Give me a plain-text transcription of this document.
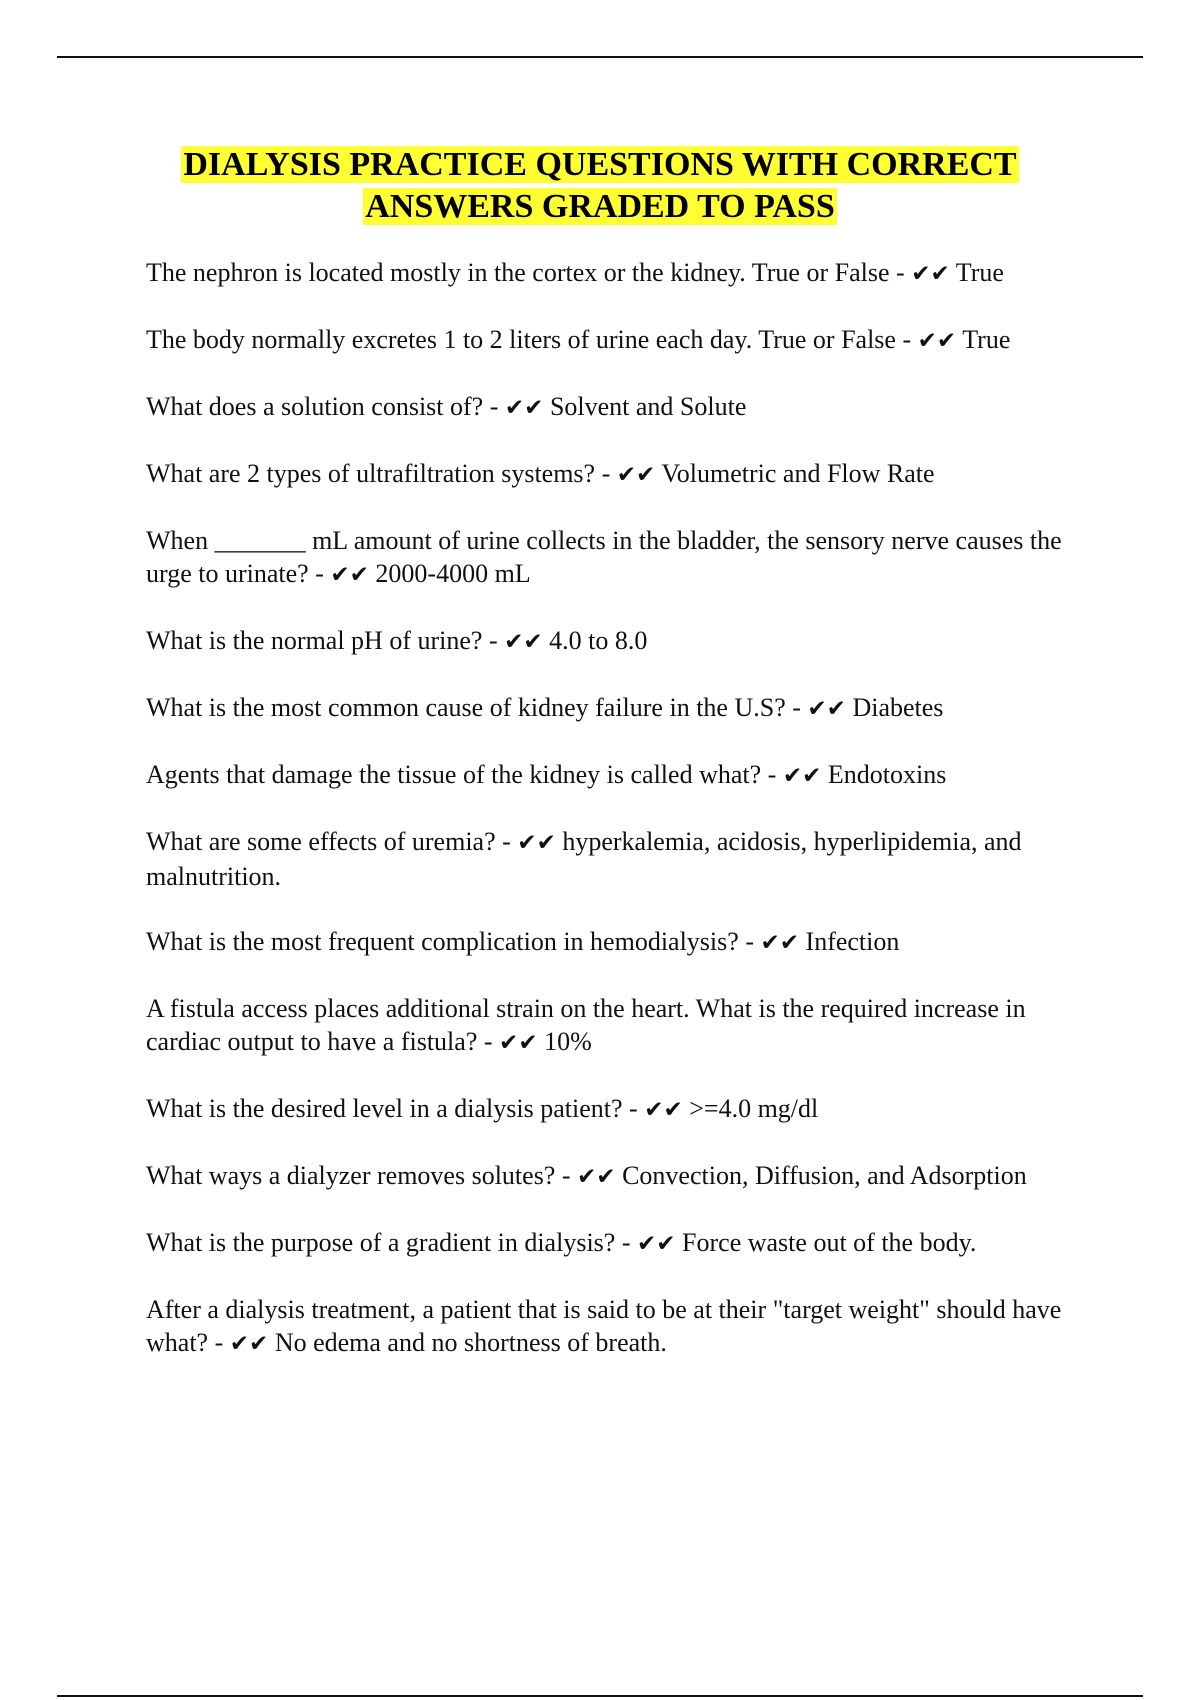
DIALYSIS PRACTICE QUESTIONS WITH CORRECT
ANSWERS GRADED TO PASS
The nephron is located mostly in the cortex or the kidney. True or False - ✔✔ True
The body normally excretes 1 to 2 liters of urine each day. True or False - ✔✔ True
What does a solution consist of? - ✔✔ Solvent and Solute
What are 2 types of ultrafiltration systems? - ✔✔ Volumetric and Flow Rate
When _______ mL amount of urine collects in the bladder, the sensory nerve causes the urge to urinate? - ✔✔ 2000-4000 mL
What is the normal pH of urine? - ✔✔ 4.0 to 8.0
What is the most common cause of kidney failure in the U.S? - ✔✔ Diabetes
Agents that damage the tissue of the kidney is called what? - ✔✔ Endotoxins
What are some effects of uremia? - ✔✔ hyperkalemia, acidosis, hyperlipidemia, and malnutrition.
What is the most frequent complication in hemodialysis? - ✔✔ Infection
A fistula access places additional strain on the heart. What is the required increase in cardiac output to have a fistula? - ✔✔ 10%
What is the desired level in a dialysis patient? - ✔✔ >=4.0 mg/dl
What ways a dialyzer removes solutes? - ✔✔ Convection, Diffusion, and Adsorption
What is the purpose of a gradient in dialysis? - ✔✔ Force waste out of the body.
After a dialysis treatment, a patient that is said to be at their "target weight" should have what? - ✔✔ No edema and no shortness of breath.
